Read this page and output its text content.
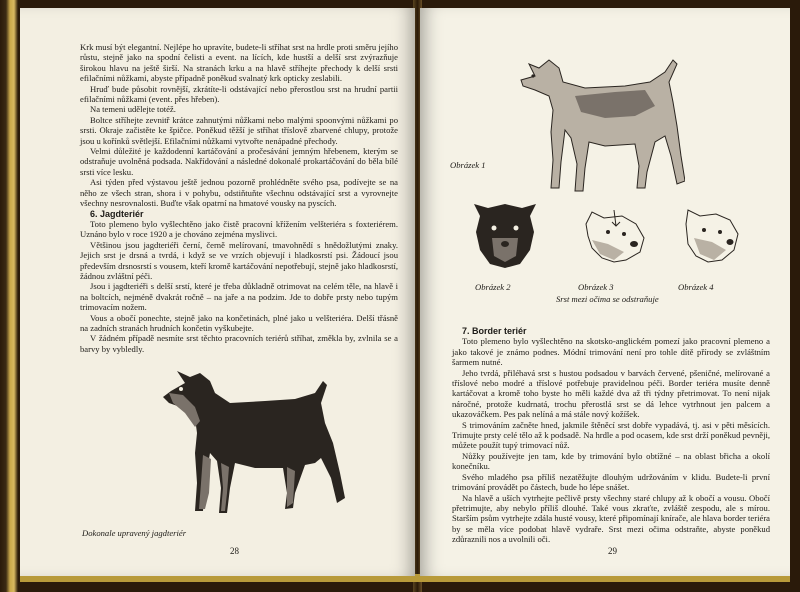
Krk musí být elegantní. Nejlépe ho upravíte, budete-li stříhat srst na hrdle proti směru jejího růstu, stejně jako na spodní čelisti a event. na lících, kde hustší a delší srst zvýrazňuje širokou hlavu na ještě širší. Na stranách krku a na hlavě stříhejte přechody k delší srsti efilačními nůžkami, abyste případně poněkud svalnatý krk opticky zeslabili.

Hruď bude působit rovnější, zkrátíte-li odstávající nebo přerostlou srst na hrudní partii efilačními nůžkami (event. přes hřeben).

Na temeni udělejte totéž.

Boltce stříhejte zevnitř krátce zahnutými nůžkami nebo malými spoonvými nůžkami po srsti. Okraje začistěte ke špičce. Poněkud těžší je stříhat tříslově zbarvené chlupy, protože jsou u kořínků světlejší. Efilačními nůžkami vytvořte nenápadné přechody.

Velmi důležité je každodenní kartáčování a pročesávání jemným hřebenem, kterým se odstraňuje uvolněná podsada. Nakřídování a následné dokonalé prokartáčování do běla bílé srsti více lesku.

Asi týden před výstavou ještě jednou pozorně prohlédněte svého psa, podívejte se na něho ze všech stran, shora i v pohybu, odstiňtuňte všechnu odstávající srst a vyrovnejte všechny nesrovnalosti. Buďte však opatrní na hmatové vousky na pyscích.

6. Jagdteriér

Toto plemeno bylo vyšlechtěno jako čistě pracovní křížením velšteriéra s foxteriérem. Uznáno bylo v roce 1920 a je chováno zejména myslivci.

Většinou jsou jagdteriéři černí, černě melírovaní, tmavohnědí s hnědožlutými znaky. Jejich srst je drsná a tvrdá, i když se ve vrzích objevují i hladkosrstí psi. Žádoucí jsou především drsnosrstí s vousem, kteří kromě kartáčování nepotřebují, stejně jako hladkosrstí, žádnou zvláštní péči.

Jsou i jagdteriéři s delší srstí, které je třeba důkladně otrimovat na celém těle, na hlavě i na boltcích, nejméně dvakrát ročně – na jaře a na podzim. Jde to dobře prsty nebo tupým trimovacím nožem.

Vous a obočí ponechte, stejně jako na končetinách, plné jako u velšteriéra. Delší třásně na zadních stranách hrudních končetin vyškubejte.

V žádném případě nesmíte srst těchto pracovních teriérů stříhat, změkla by, zvlnila se a barvy by vybledly.

Dokonale upravený jagdteriér
28
Obrázek 1
Obrázek 2	Obrázek 3	Obrázek 4
Srst mezi očima se odstraňuje

7. Border teriér

Toto plemeno bylo vyšlechtěno na skotsko-anglickém pomezí jako pracovní plemeno a jako takové je známo podnes. Módní trimování není pro tohle dítě přírody se zvláštním šarmem nutné.

Jeho tvrdá, přiléhavá srst s hustou podsadou v barvách červené, pšeničné, melírované a tříslové nebo modré a tříslové potřebuje pravidelnou péči. Border teriéra musíte denně kartáčovat a kromě toho byste ho měli každé dva až tři týdny přetrimovat. To není nijak náročné, protože kudrnatá, trochu přerostlá srst se dá lehce vytrhnout jen palcem a ukazováčkem. Pes pak nelíná a má stále nový kožíšek.

S trimováním začněte hned, jakmile štěněcí srst dobře vypadává, tj. asi v pěti měsících. Trimujte prsty celé tělo až k podsadě. Na hrdle a pod ocasem, kde srst drží poněkud pevněji, můžete použít tupý trimovací nůž.

Nůžky používejte jen tam, kde by trimování bylo obtížné – na oblast břicha a okolí konečníku.

Svého mladého psa příliš nezatěžujte dlouhým udržováním v klidu. Budete-li první trimování provádět po částech, bude ho lépe snášet.

Na hlavě a uších vytrhejte pečlivě prsty všechny staré chlupy až k obočí a vousu. Obočí přetrimujte, aby nebylo příliš dlouhé. Také vous zkraťte, zvláště zespodu, ale s mírou. Starším psům vytrhejte zdála husté vousy, které připomínají knírače, ale hlava border teriéra by se měla více podobat hlavě vydraře. Srst mezi očima odstraňte, abyste poněkud zdůraznili nos a uvolnili oči.

29
